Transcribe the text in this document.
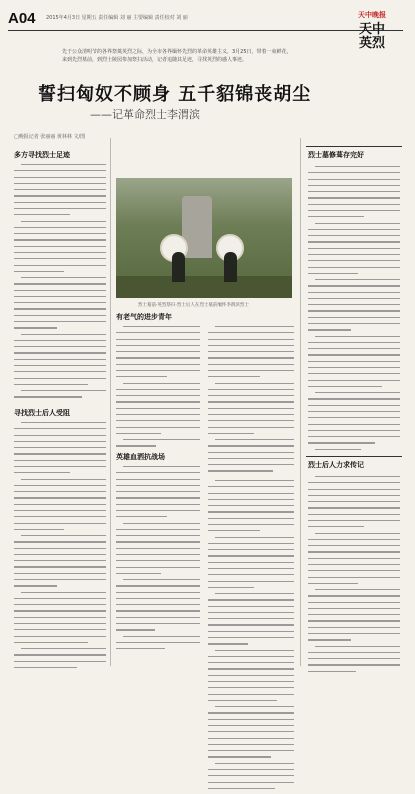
A04 2015年4月3日 星期五 责任编辑 刘 丽 主要编辑 责任校对 刘 丽	天中晚报
天中
英烈
先于公众清明节的各界祭奠英烈之际，为全市各界缅怀先烈的革命英雄主义，3月25日，带着一束鲜花，
来到先烈墓前，到烈士陵园参加祭扫活动，记者追随其足迹，寻找英烈的感人事迹。
誓扫匈奴不顾身 五千貂锦丧胡尘
——记革命烈士李渭滨
□晚报记者 张丽丽 黄林林 文/图
多方寻找烈士足迹
寻找烈士后人受阻
烈士墓前·英烈祭扫·烈士后人在烈士墓前缅怀李渭滨烈士
有老气的进步青年
英雄血洒抗战场
烈士墓修葺存完好
烈士后人力求传记
